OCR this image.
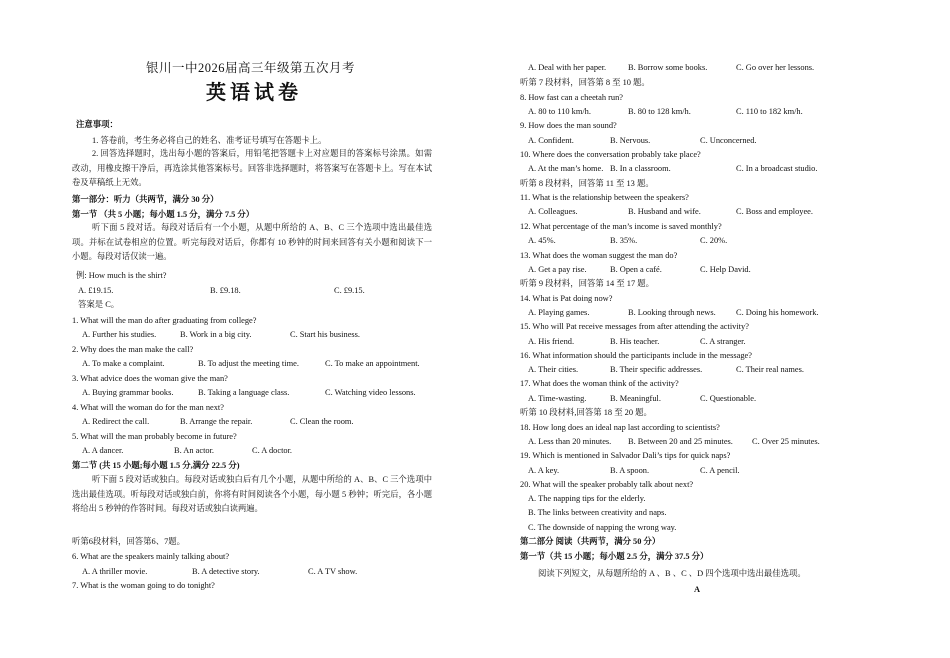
银川一中2026届高三年级第五次月考
英语试卷
注意事项：
1. 答卷前，考生务必将自己的姓名、准考证号填写在答题卡上。
2. 回答选择题时，选出每小题的答案后，用铅笔把答题卡上对应题目的答案标号涂黑。如需改动，用橡皮擦干净后，再选涂其他答案标号。回答非选择题时，将答案写在答题卡上。写在本试卷及草稿纸上无效。
第一部分：听力（共两节，满分 30 分）
第一节 （共 5 小题；每小题 1.5 分，满分 7.5 分）
听下面 5 段对话。每段对话后有一个小题，从题中所给的 A、B、C 三个选项中选出最佳选项。并标在试卷相应的位置。听完每段对话后，你都有 10 秒钟的时间来回答有关小题和阅读下一小题。每段对话仅读一遍。
例: How much is the shirt?
A. £19.15.	B. £9.18.	C. £9.15.
答案是 C。
1. What will the man do after graduating from college?
A. Further his studies.	B. Work in a big city.	C. Start his business.
2. Why does the man make the call?
A. To make a complaint.	B. To adjust the meeting time.	C. To make an appointment.
3. What advice does the woman give the man?
A. Buying grammar books.	B. Taking a language class.	C. Watching video lessons.
4. What will the woman do for the man next?
A. Redirect the call.	B. Arrange the repair.	C. Clean the room.
5. What will the man probably become in future?
A. A dancer.	B. An actor.	C. A doctor.
第二节 (共 15 小题;每小题 1.5 分,满分 22.5 分)
听下面 5 段对话或独白。每段对话或独白后有几个小题，从题中所给的 A、B、C 三个选项中选出最佳选项。听每段对话或独白前，你将有时间阅读各个小题，每小题 5 秒钟；听完后，各小题将给出 5 秒钟的作答时间。每段对话或独白读两遍。
听第6段材料，回答第6、7题。
6. What are the speakers mainly talking about?
A. A thriller movie.	B. A detective story.	C. A TV show.
7. What is the woman going to do tonight?
A. Deal with her paper.	B. Borrow some books.	C. Go over her lessons.
听第 7 段材料，回答第 8 至 10 题。
8. How fast can a cheetah run?
A. 80 to 110 km/h.	B. 80 to 128 km/h.	C. 110 to 182 km/h.
9. How does the man sound?
A. Confident.	B. Nervous.	C. Unconcerned.
10. Where does the conversation probably take place?
A. At the man’s home. B. In a classroom.	C. In a broadcast studio.
听第 8 段材料，回答第 11 至 13 题。
11. What is the relationship between the speakers?
A. Colleagues.	B. Husband and wife.	C. Boss and employee.
12. What percentage of the man’s income is saved monthly?
A. 45%.	B. 35%.	C. 20%.
13. What does the woman suggest the man do?
A. Get a pay rise.	B. Open a café.	C. Help David.
听第 9 段材料，回答第 14 至 17 题。
14. What is Pat doing now?
A. Playing games.	B. Looking through news. C. Doing his homework.
15. Who will Pat receive messages from after attending the activity?
A. His friend.	B. His teacher.	C. A stranger.
16. What information should the participants include in the message?
A. Their cities.	B. Their specific addresses.	C. Their real names.
17. What does the woman think of the activity?
A. Time-wasting.	B. Meaningful.	C. Questionable.
听第 10 段材料,回答第 18 至 20 题。
18. How long does an ideal nap last according to scientists?
A. Less than 20 minutes. B. Between 20 and 25 minutes. C. Over 25 minutes.
19. Which is mentioned in Salvador Dali’s tips for quick naps?
A. A key.	B. A spoon.	C. A pencil.
20. What will the speaker probably talk about next?
A. The napping tips for the elderly.
B. The links between creativity and naps.
C. The downside of napping the wrong way.
第二部分 阅读（共两节，满分 50 分）
第一节（共 15 小题；每小题 2.5 分，满分 37.5 分）
阅读下列短文，从每题所给的 A 、B 、C 、D 四个选项中选出最佳选项。
A
